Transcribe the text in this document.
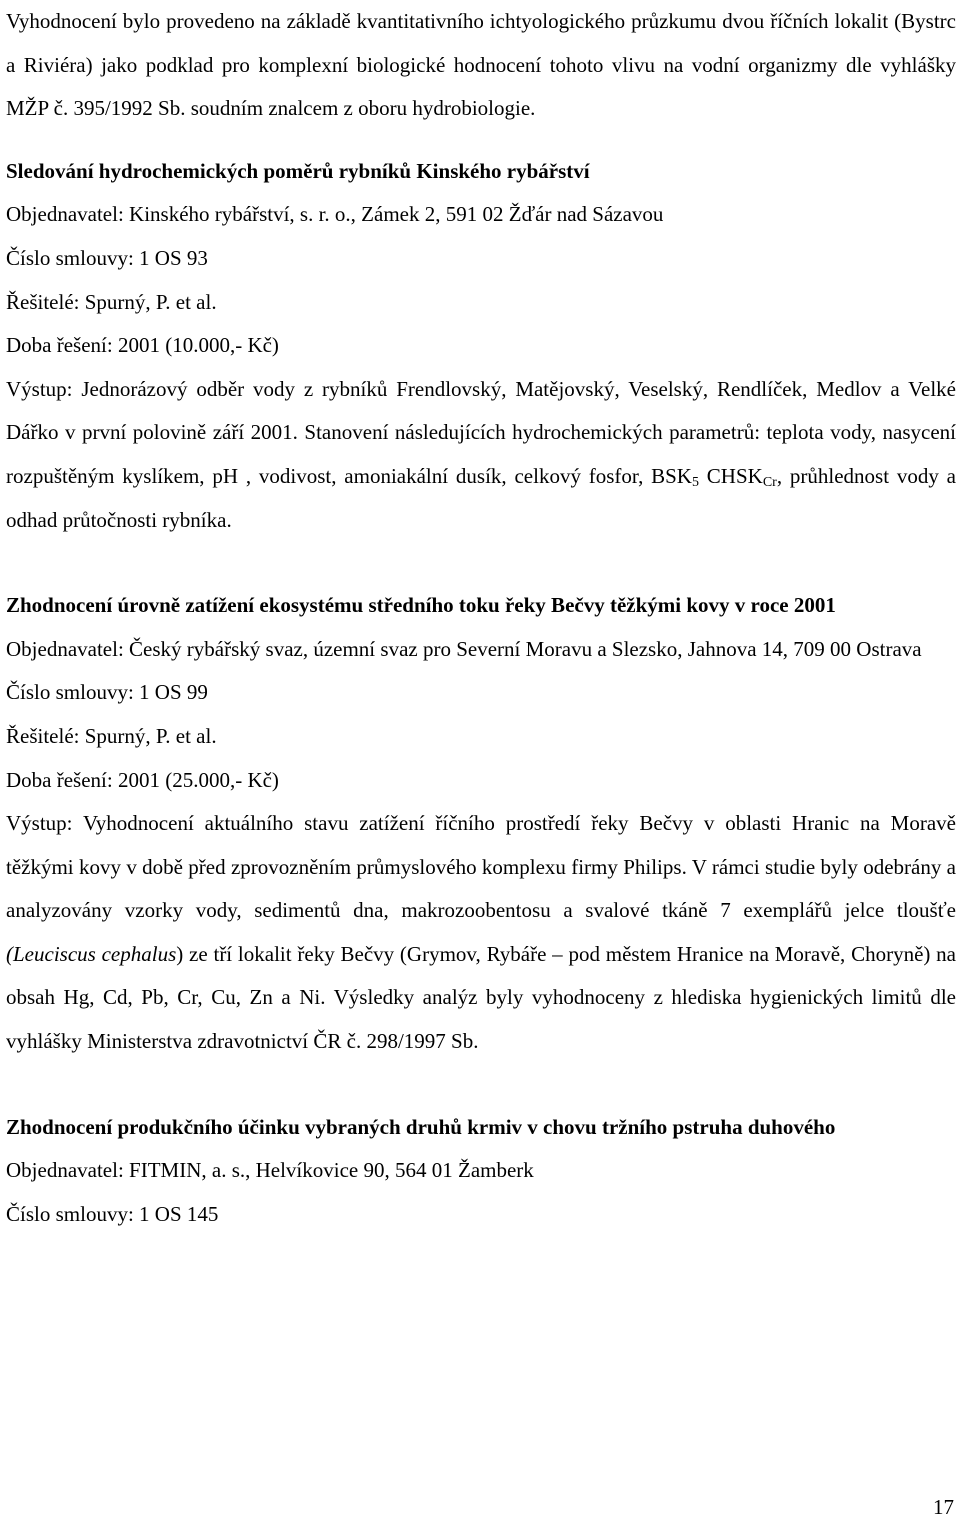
Vyhodnocení bylo provedeno na základě kvantitativního ichtyologického průzkumu dvou říčních lokalit (Bystrc a Riviéra) jako podklad pro komplexní biologické hodnocení tohoto vlivu na vodní organizmy dle vyhlášky MŽP č. 395/1992 Sb. soudním znalcem z oboru hydrobiologie.

Sledování hydrochemických poměrů rybníků Kinského rybářství

Objednavatel: Kinského rybářství, s. r. o., Zámek 2, 591 02 Žďár nad Sázavou

Číslo smlouvy: 1 OS 93

Řešitelé: Spurný, P. et al.

Doba řešení: 2001 (10.000,- Kč)

Výstup: Jednorázový odběr vody z rybníků Frendlovský, Matějovský, Veselský, Rendlíček, Medlov a Velké Dářko v první polovině září 2001. Stanovení následujících hydrochemických parametrů: teplota vody, nasycení rozpuštěným kyslíkem, pH , vodivost, amoniakální dusík, celkový fosfor, $BSK_5$ $CHSK_{Cr}$, průhlednost vody a odhad průtočnosti rybníka.

Zhodnocení úrovně zatížení ekosystému středního toku řeky Bečvy těžkými kovy v roce 2001

Objednavatel: Český rybářský svaz, územní svaz pro Severní Moravu a Slezsko, Jahnova 14, 709 00 Ostrava

Číslo smlouvy: 1 OS 99

Řešitelé: Spurný, P. et al.

Doba řešení: 2001 (25.000,- Kč)

Výstup: Vyhodnocení aktuálního stavu zatížení říčního prostředí řeky Bečvy v oblasti Hranic na Moravě těžkými kovy v době před zprovozněním průmyslového komplexu firmy Philips. V rámci studie byly odebrány a analyzovány vzorky vody, sedimentů dna, makrozoobentosu a svalové tkáně 7 exemplářů jelce tloušťe (Leuciscus cephalus) ze tří lokalit řeky Bečvy (Grymov, Rybáře – pod městem Hranice na Moravě, Choryně) na obsah Hg, Cd, Pb, Cr, Cu, Zn a Ni. Výsledky analýz byly vyhodnoceny z hlediska hygienických limitů dle vyhlášky Ministerstva zdravotnictví ČR č. 298/1997 Sb.

Zhodnocení produkčního účinku vybraných druhů krmiv v chovu tržního pstruha duhového

Objednavatel: FITMIN, a. s., Helvíkovice 90, 564 01 Žamberk

Číslo smlouvy: 1 OS 145

17
